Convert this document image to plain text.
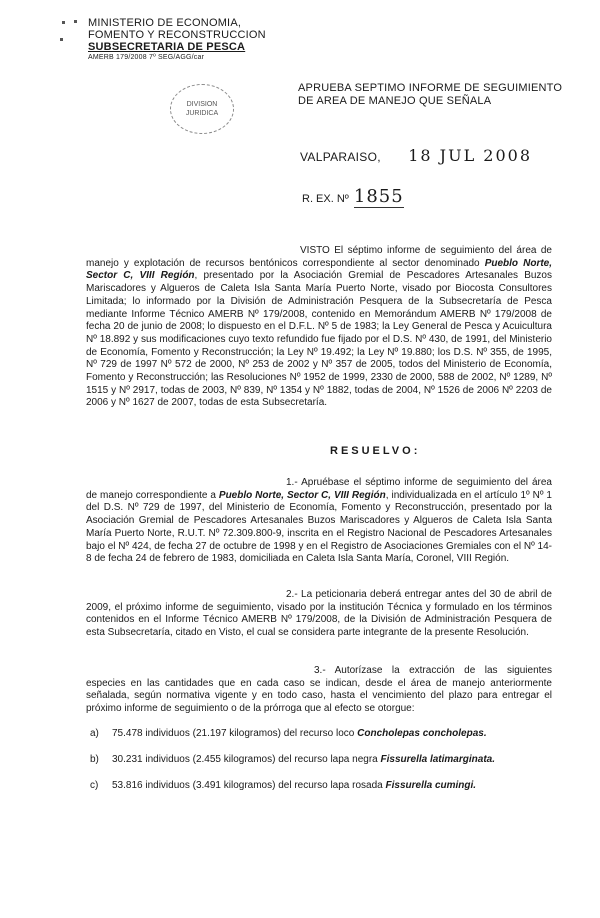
MINISTERIO DE ECONOMIA,
FOMENTO Y RECONSTRUCCION
SUBSECRETARIA DE PESCA
AMERB 179/2008 7º SEG/AGG/car
DIVISION
JURIDICA
APRUEBA SEPTIMO INFORME DE SEGUIMIENTO
DE AREA DE MANEJO QUE SEÑALA
VALPARAISO, 18 JUL 2008
R. EX. Nº 1855

VISTO El séptimo informe de seguimiento del área de manejo y explotación de recursos bentónicos correspondiente al sector denominado Pueblo Norte, Sector C, VIII Región, presentado por la Asociación Gremial de Pescadores Artesanales Buzos Mariscadores y Algueros de Caleta Isla Santa María Puerto Norte, visado por Biocosta Consultores Limitada; lo informado por la División de Administración Pesquera de la Subsecretaría de Pesca mediante Informe Técnico AMERB Nº 179/2008, contenido en Memorándum AMERB Nº 179/2008 de fecha 20 de junio de 2008; lo dispuesto en el D.F.L. Nº 5 de 1983; la Ley General de Pesca y Acuicultura Nº 18.892 y sus modificaciones cuyo texto refundido fue fijado por el D.S. Nº 430, de 1991, del Ministerio de Economía, Fomento y Reconstrucción; la Ley Nº 19.492; la Ley Nº 19.880; los D.S. Nº 355, de 1995, Nº 729 de 1997 Nº 572 de 2000, Nº 253 de 2002 y Nº 357 de 2005, todos del Ministerio de Economía, Fomento y Reconstrucción; las Resoluciones Nº 1952 de 1999, 2330 de 2000, 588 de 2002, Nº 1289, Nº 1515 y Nº 2917, todas de 2003, Nº 839, Nº 1354 y Nº 1882, todas de 2004, Nº 1526 de 2006 Nº 2203 de 2006 y Nº 1627 de 2007, todas de esta Subsecretaría.

RESUELVO:

1.- Apruébase el séptimo informe de seguimiento del área de manejo correspondiente a Pueblo Norte, Sector C, VIII Región, individualizada en el artículo 1º Nº 1 del D.S. Nº 729 de 1997, del Ministerio de Economía, Fomento y Reconstrucción, presentado por la Asociación Gremial de Pescadores Artesanales Buzos Mariscadores y Algueros de Caleta Isla Santa María Puerto Norte, R.U.T. Nº 72.309.800-9, inscrita en el Registro Nacional de Pescadores Artesanales bajo el Nº 424, de fecha 27 de octubre de 1998 y en el Registro de Asociaciones Gremiales con el Nº 14-8 de fecha 24 de febrero de 1983, domiciliada en Caleta Isla Santa María, Coronel, VIII Región.

2.- La peticionaria deberá entregar antes del 30 de abril de 2009, el próximo informe de seguimiento, visado por la institución Técnica y formulado en los términos contenidos en el Informe Técnico AMERB Nº 179/2008, de la División de Administración Pesquera de esta Subsecretaría, citado en Visto, el cual se considera parte integrante de la presente Resolución.

3.- Autorízase la extracción de las siguientes especies en las cantidades que en cada caso se indican, desde el área de manejo anteriormente señalada, según normativa vigente y en todo caso, hasta el vencimiento del plazo para entregar el próximo informe de seguimiento o de la prórroga que al efecto se otorgue:

a) 75.478 individuos (21.197 kilogramos) del recurso loco Concholepas concholepas.
b) 30.231 individuos (2.455 kilogramos) del recurso lapa negra Fissurella latimarginata.
c) 53.816 individuos (3.491 kilogramos) del recurso lapa rosada Fissurella cumingi.
